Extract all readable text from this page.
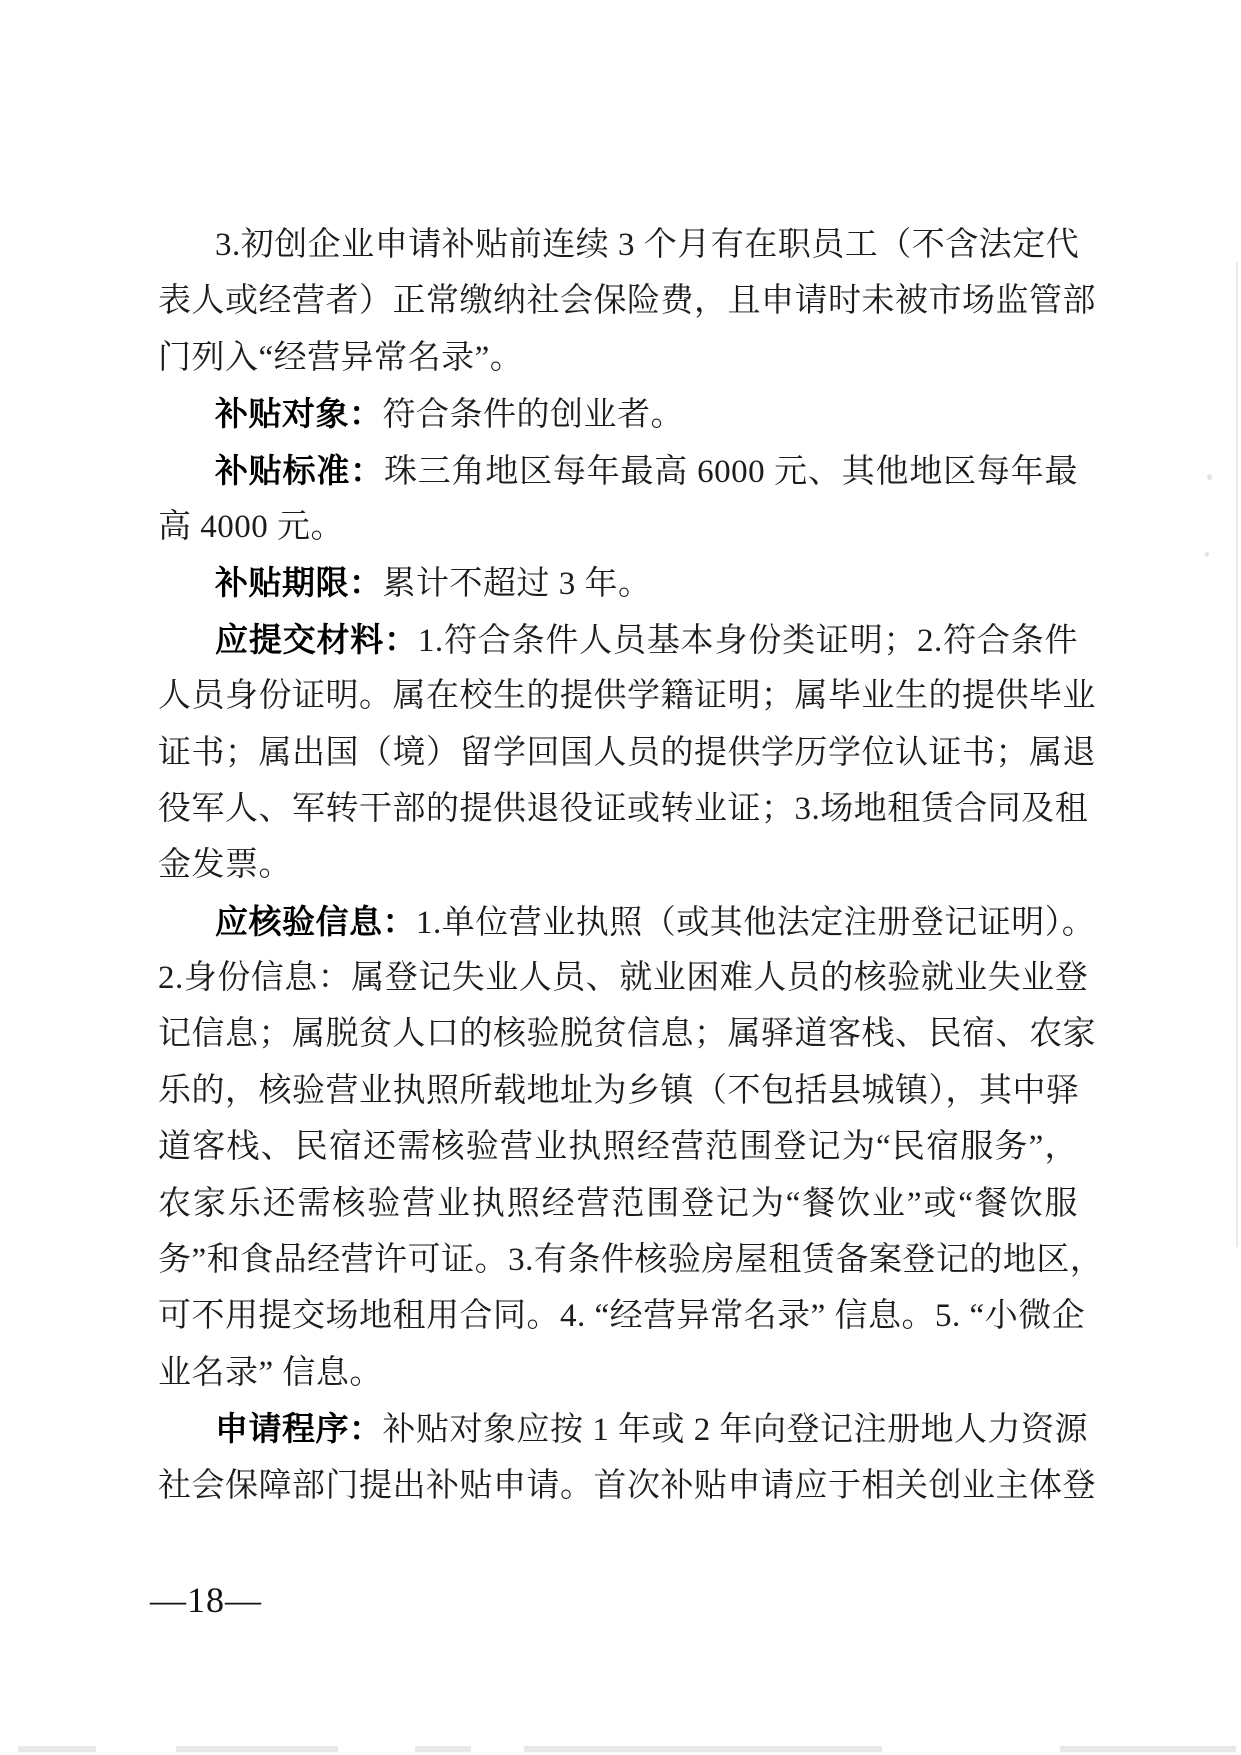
3.初创企业申请补贴前连续 3 个月有在职员工（不含法定代
表人或经营者）正常缴纳社会保险费，且申请时未被市场监管部
门列入“经营异常名录”。
补贴对象：符合条件的创业者。
补贴标准：珠三角地区每年最高 6000 元、其他地区每年最
高 4000 元。
补贴期限：累计不超过 3 年。
应提交材料：1.符合条件人员基本身份类证明；2.符合条件
人员身份证明。属在校生的提供学籍证明；属毕业生的提供毕业
证书；属出国（境）留学回国人员的提供学历学位认证书；属退
役军人、军转干部的提供退役证或转业证；3.场地租赁合同及租
金发票。
应核验信息：1.单位营业执照（或其他法定注册登记证明）。
2.身份信息：属登记失业人员、就业困难人员的核验就业失业登
记信息；属脱贫人口的核验脱贫信息；属驿道客栈、民宿、农家
乐的，核验营业执照所载地址为乡镇（不包括县城镇），其中驿
道客栈、民宿还需核验营业执照经营范围登记为“民宿服务”，
农家乐还需核验营业执照经营范围登记为“餐饮业”或“餐饮服
务”和食品经营许可证。3.有条件核验房屋租赁备案登记的地区，
可不用提交场地租用合同。4. “经营异常名录” 信息。5. “小微企
业名录” 信息。
申请程序：补贴对象应按 1 年或 2 年向登记注册地人力资源
社会保障部门提出补贴申请。首次补贴申请应于相关创业主体登
—18—
